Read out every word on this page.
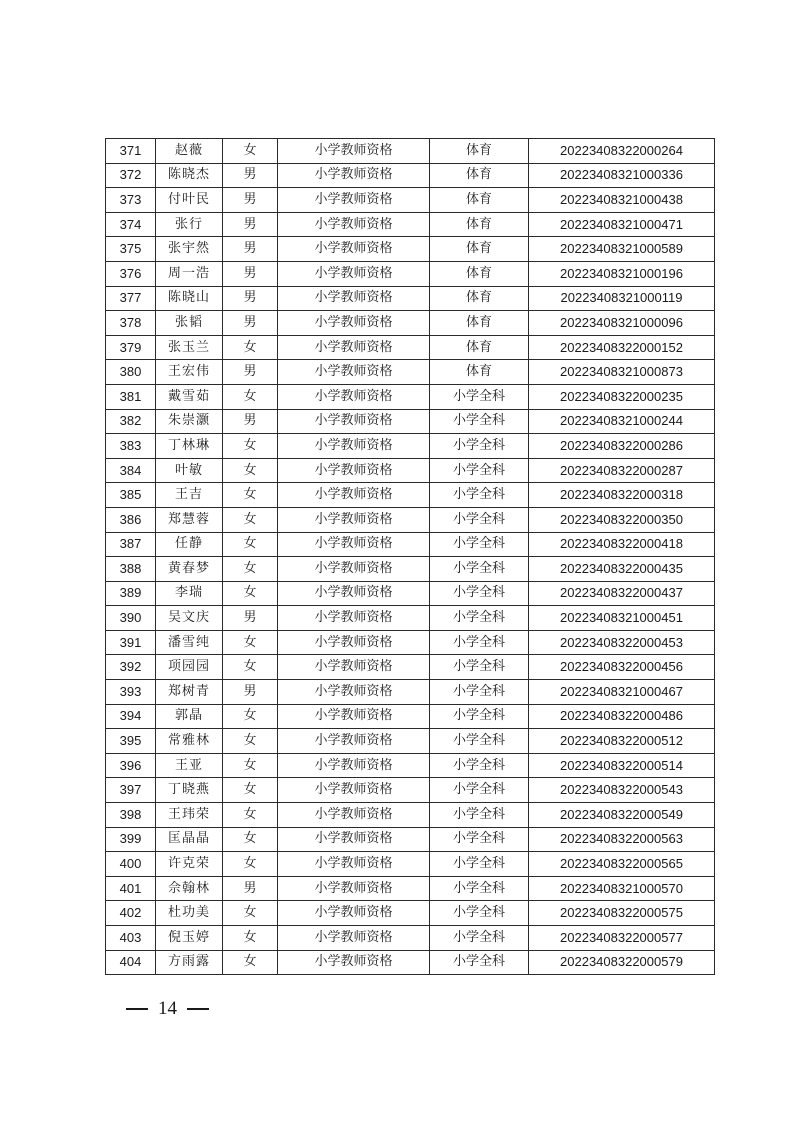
371	赵薇	女	小学教师资格	体育	20223408322000264
372	陈晓杰	男	小学教师资格	体育	20223408321000336
373	付叶民	男	小学教师资格	体育	20223408321000438
374	张行	男	小学教师资格	体育	20223408321000471
375	张宇然	男	小学教师资格	体育	20223408321000589
376	周一浩	男	小学教师资格	体育	20223408321000196
377	陈晓山	男	小学教师资格	体育	20223408321000119
378	张韬	男	小学教师资格	体育	20223408321000096
379	张玉兰	女	小学教师资格	体育	20223408322000152
380	王宏伟	男	小学教师资格	体育	20223408321000873
381	戴雪茹	女	小学教师资格	小学全科	20223408322000235
382	朱崇灏	男	小学教师资格	小学全科	20223408321000244
383	丁林琳	女	小学教师资格	小学全科	20223408322000286
384	叶敏	女	小学教师资格	小学全科	20223408322000287
385	王吉	女	小学教师资格	小学全科	20223408322000318
386	郑慧蓉	女	小学教师资格	小学全科	20223408322000350
387	任静	女	小学教师资格	小学全科	20223408322000418
388	黄春梦	女	小学教师资格	小学全科	20223408322000435
389	李瑞	女	小学教师资格	小学全科	20223408322000437
390	吴文庆	男	小学教师资格	小学全科	20223408321000451
391	潘雪纯	女	小学教师资格	小学全科	20223408322000453
392	项园园	女	小学教师资格	小学全科	20223408322000456
393	郑树青	男	小学教师资格	小学全科	20223408321000467
394	郭晶	女	小学教师资格	小学全科	20223408322000486
395	常雅林	女	小学教师资格	小学全科	20223408322000512
396	王亚	女	小学教师资格	小学全科	20223408322000514
397	丁晓燕	女	小学教师资格	小学全科	20223408322000543
398	王玮荣	女	小学教师资格	小学全科	20223408322000549
399	匡晶晶	女	小学教师资格	小学全科	20223408322000563
400	许克荣	女	小学教师资格	小学全科	20223408322000565
401	佘翰林	男	小学教师资格	小学全科	20223408321000570
402	杜功美	女	小学教师资格	小学全科	20223408322000575
403	倪玉婷	女	小学教师资格	小学全科	20223408322000577
404	方雨露	女	小学教师资格	小学全科	20223408322000579
14
